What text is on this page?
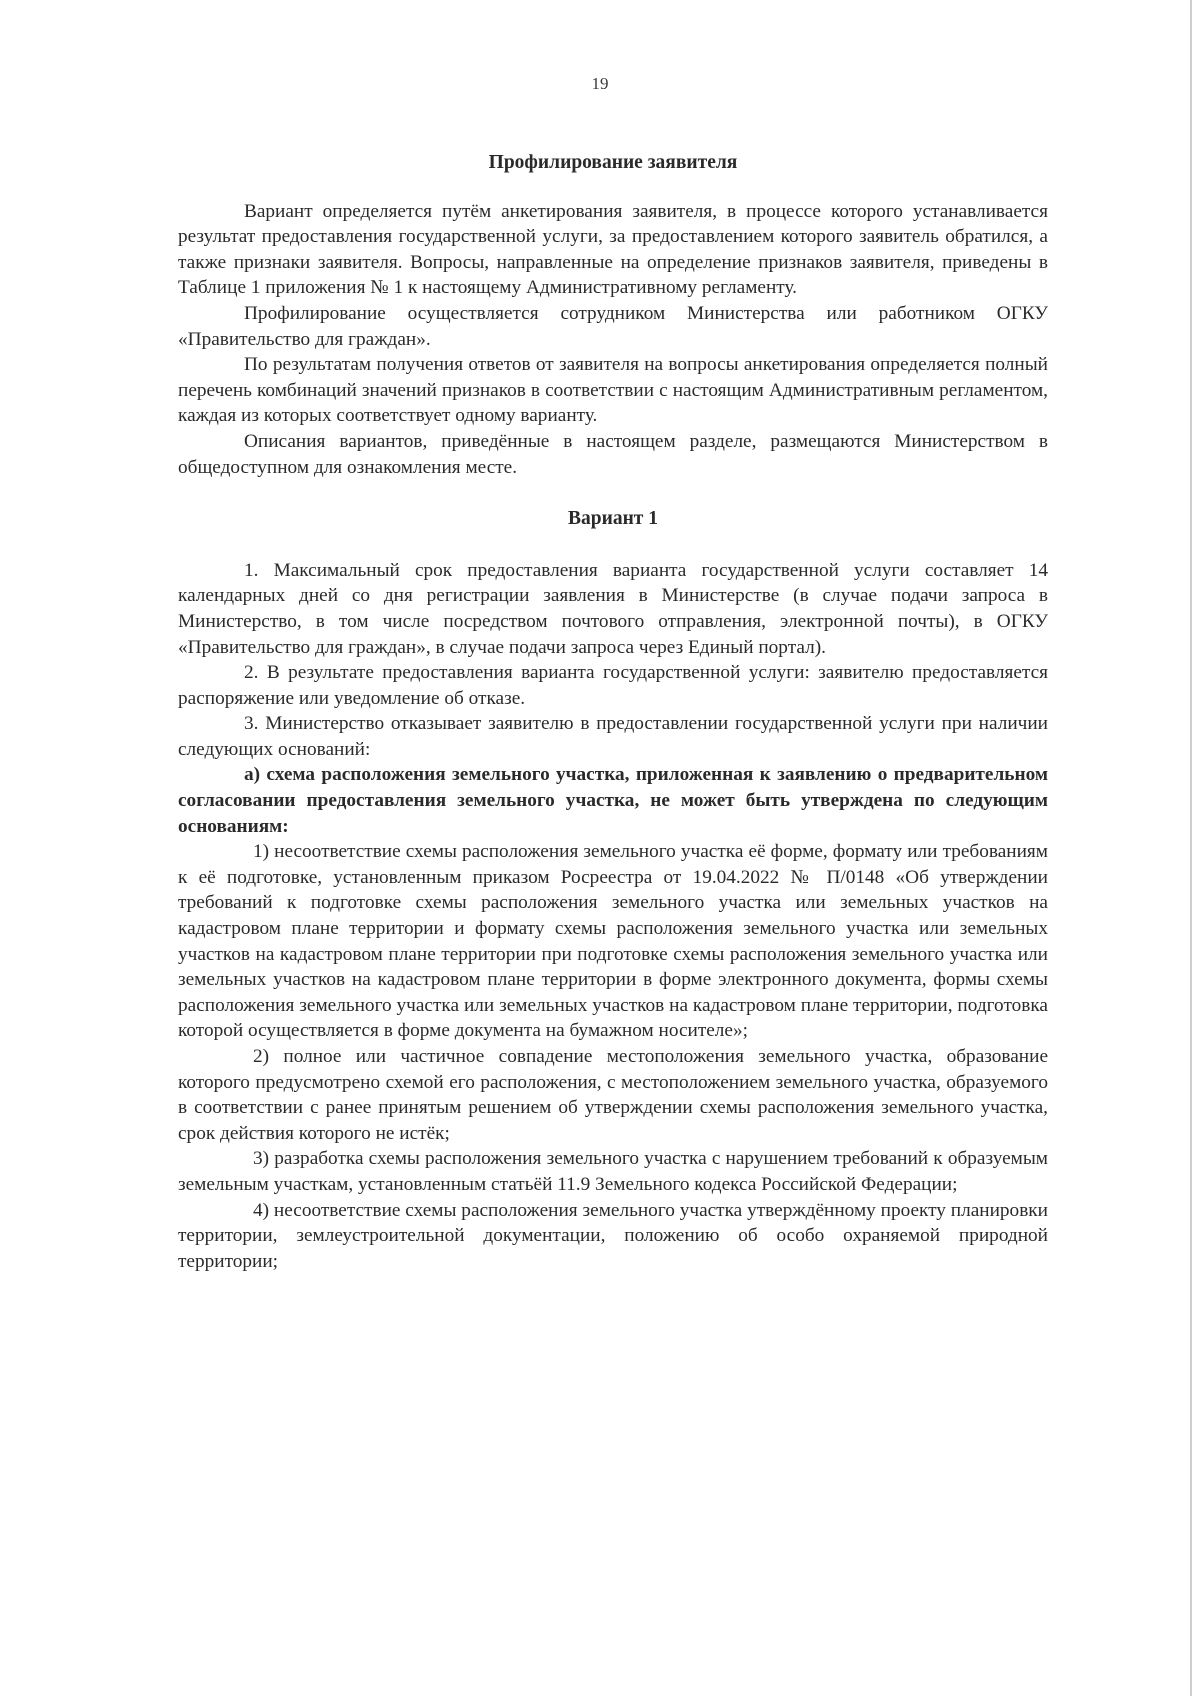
19
Профилирование заявителя

Вариант определяется путём анкетирования заявителя, в процессе которого устанавливается результат предоставления государственной услуги, за предоставлением которого заявитель обратился, а также признаки заявителя. Вопросы, направленные на определение признаков заявителя, приведены в Таблице 1 приложения № 1 к настоящему Административному регламенту.

Профилирование осуществляется сотрудником Министерства или работником ОГКУ «Правительство для граждан».

По результатам получения ответов от заявителя на вопросы анкетирования определяется полный перечень комбинаций значений признаков в соответствии с настоящим Административным регламентом, каждая из которых соответствует одному варианту.

Описания вариантов, приведённые в настоящем разделе, размещаются Министерством в общедоступном для ознакомления месте.

Вариант 1

1. Максимальный срок предоставления варианта государственной услуги составляет 14 календарных дней со дня регистрации заявления в Министерстве (в случае подачи запроса в Министерство, в том числе посредством почтового отправления, электронной почты), в ОГКУ «Правительство для граждан», в случае подачи запроса через Единый портал).

2. В результате предоставления варианта государственной услуги: заявителю предоставляется распоряжение или уведомление об отказе.

3. Министерство отказывает заявителю в предоставлении государственной услуги при наличии следующих оснований:

а) схема расположения земельного участка, приложенная к заявлению о предварительном согласовании предоставления земельного участка, не может быть утверждена по следующим основаниям:

1) несоответствие схемы расположения земельного участка её форме, формату или требованиям к её подготовке, установленным приказом Росреестра от 19.04.2022 № П/0148 «Об утверждении требований к подготовке схемы расположения земельного участка или земельных участков на кадастровом плане территории и формату схемы расположения земельного участка или земельных участков на кадастровом плане территории при подготовке схемы расположения земельного участка или земельных участков на кадастровом плане территории в форме электронного документа, формы схемы расположения земельного участка или земельных участков на кадастровом плане территории, подготовка которой осуществляется в форме документа на бумажном носителе»;

2) полное или частичное совпадение местоположения земельного участка, образование которого предусмотрено схемой его расположения, с местоположением земельного участка, образуемого в соответствии с ранее принятым решением об утверждении схемы расположения земельного участка, срок действия которого не истёк;

3) разработка схемы расположения земельного участка с нарушением требований к образуемым земельным участкам, установленным статьёй 11.9 Земельного кодекса Российской Федерации;

4) несоответствие схемы расположения земельного участка утверждённому проекту планировки территории, землеустроительной документации, положению об особо охраняемой природной территории;
